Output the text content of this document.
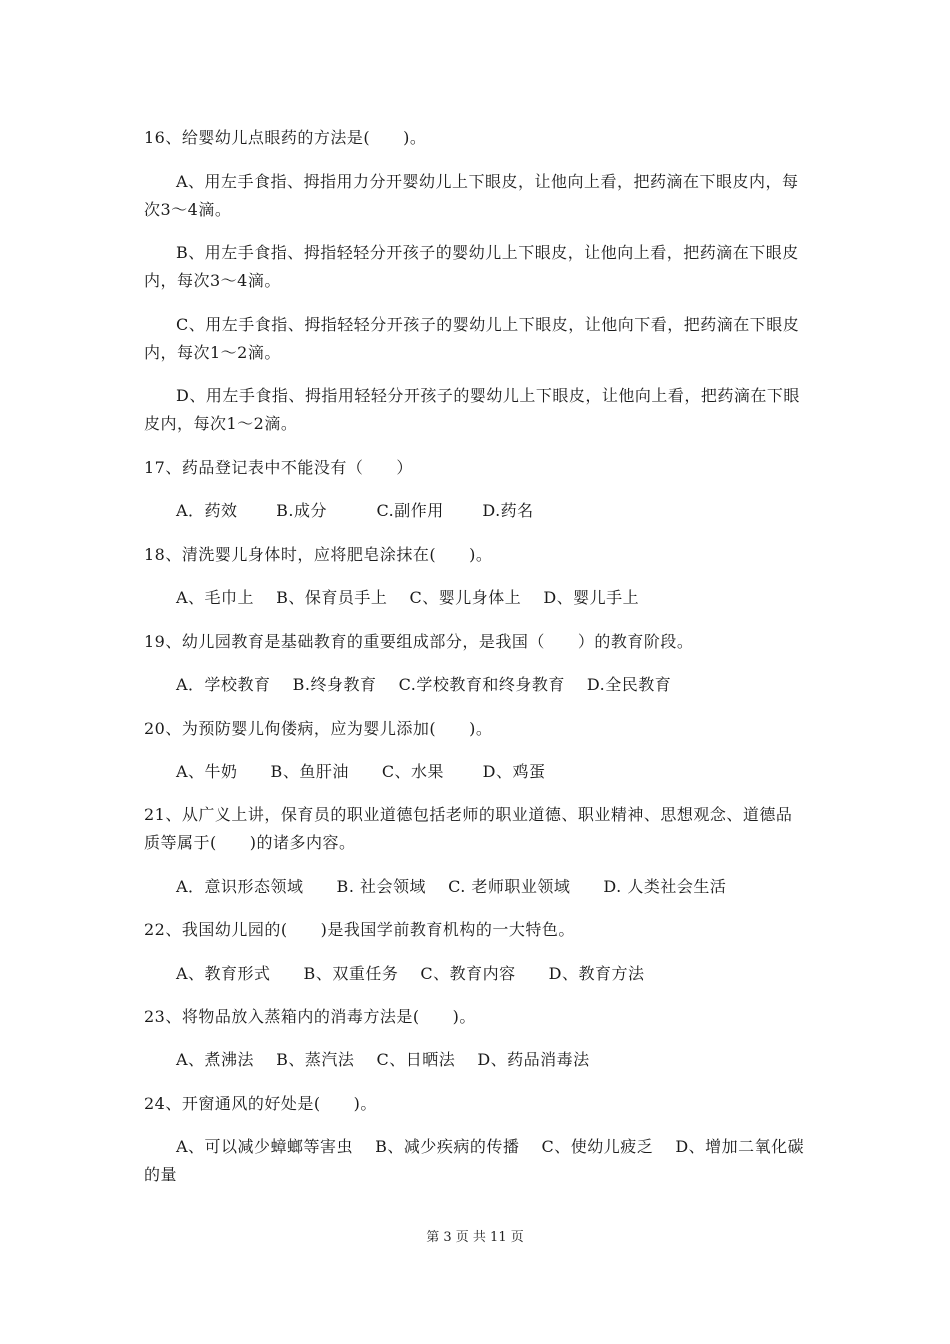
16、给婴幼儿点眼药的方法是(　　)。
A、用左手食指、拇指用力分开婴幼儿上下眼皮，让他向上看，把药滴在下眼皮内，每
次3～4滴。
B、用左手食指、拇指轻轻分开孩子的婴幼儿上下眼皮，让他向上看，把药滴在下眼皮
内，每次3～4滴。
C、用左手食指、拇指轻轻分开孩子的婴幼儿上下眼皮，让他向下看，把药滴在下眼皮
内，每次1～2滴。
D、用左手食指、拇指用轻轻分开孩子的婴幼儿上下眼皮，让他向上看，把药滴在下眼
皮内，每次1～2滴。
17、药品登记表中不能没有（　　）
A．药效　　 B.成分　　　C.副作用　　 D.药名
18、清洗婴儿身体时，应将肥皂涂抹在(　　)。
A、毛巾上　 B、保育员手上　 C、婴儿身体上　 D、婴儿手上
19、幼儿园教育是基础教育的重要组成部分，是我国（　　）的教育阶段。
A．学校教育　 B.终身教育　 C.学校教育和终身教育　 D.全民教育
20、为预防婴儿佝偻病，应为婴儿添加(　　)。
A、牛奶　　B、鱼肝油　　C、水果　　 D、鸡蛋
21、从广义上讲，保育员的职业道德包括老师的职业道德、职业精神、思想观念、道德品
质等属于(　　)的诸多内容。
A．意识形态领域　　B. 社会领域　 C. 老师职业领域　　D. 人类社会生活
22、我国幼儿园的(　　)是我国学前教育机构的一大特色。
A、教育形式　　B、双重任务　 C、教育内容　　D、教育方法
23、将物品放入蒸箱内的消毒方法是(　　)。
A、煮沸法　 B、蒸汽法　 C、日晒法　 D、药品消毒法
24、开窗通风的好处是(　　)。
A、可以减少蟑螂等害虫　 B、减少疾病的传播　 C、使幼儿疲乏　 D、增加二氧化碳
的量
第 3 页 共 11 页
